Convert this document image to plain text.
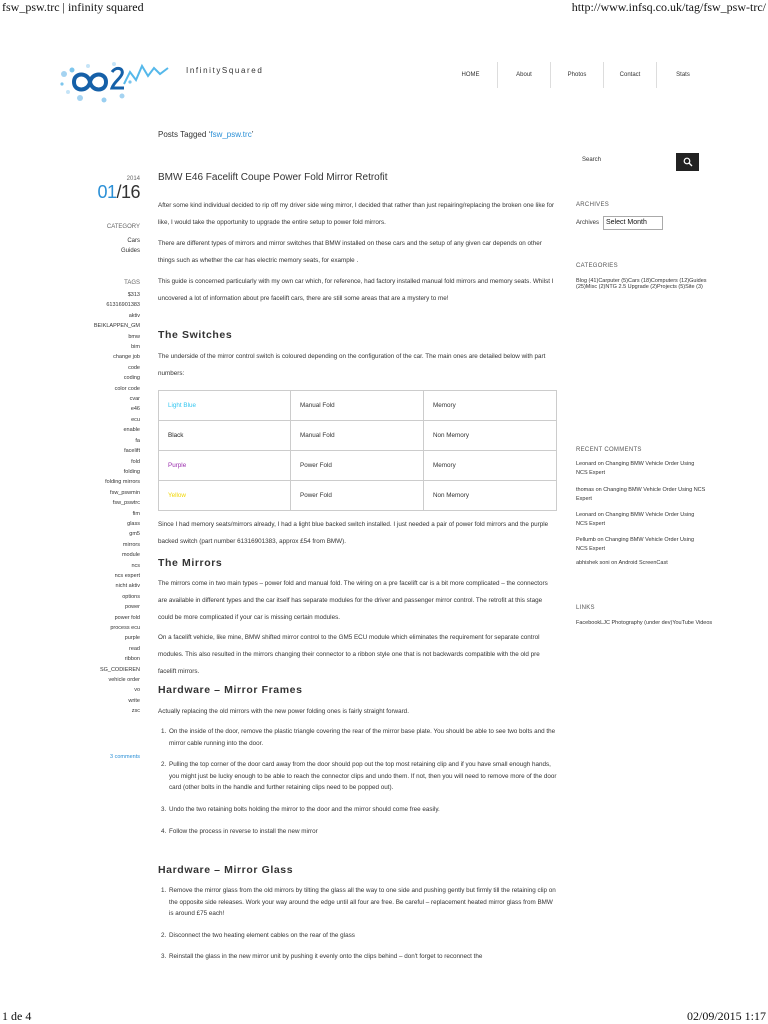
fsw_psw.trc | infinity squared	http://www.infsq.co.uk/tag/fsw_psw-trc/
InfinitySquared	HOME	About	Photos	Contact	Stats
Posts Tagged ‘fsw_psw.trc’
Search
2014
01/16
CATEGORY
Cars
Guides
TAGS
$313
61316901383
aktiv
BEIKLAPPEN_GM
bmw
bim
change job
code
coding
color code
cvar
e46
ecu
enable
fa
facelift
fold
folding
folding mirrors
fsw_pswmin
fsw_pswtrc
fim
glass
gm5
mirrors
module
ncs
ncs expert
nicht aktiv
options
power
power fold
process ecu
purple
read
ribbon
SG_CODIEREN
vehicle order
vo
write
zsc
3 comments
BMW E46 Facelift Coupe Power Fold Mirror Retrofit

After some kind individual decided to rip off my driver side wing mirror, I decided that rather than just repairing/replacing the broken one like for like, I would take the opportunity to upgrade the entire setup to power fold mirrors.

There are different types of mirrors and mirror switches that BMW installed on these cars and the setup of any given car depends on other things such as whether the car has electric memory seats, for example .

This guide is concerned particularly with my own car which, for reference, had factory installed manual fold mirrors and memory seats. Whilst I uncovered a lot of information about pre facelift cars, there are still some areas that are a mystery to me!

The Switches

The underside of the mirror control switch is coloured depending on the configuration of the car. The main ones are detailed below with part numbers:

Light Blue	Manual Fold	Memory
Black	Manual Fold	Non Memory
Purple	Power Fold	Memory
Yellow	Power Fold	Non Memory

Since I had memory seats/mirrors already, I had a light blue backed switch installed. I just needed a pair of power fold mirrors and the purple backed switch (part number 61316901383, approx £54 from BMW).

The Mirrors

The mirrors come in two main types – power fold and manual fold. The wiring on a pre facelift car is a bit more complicated – the connectors are available in different types and the car itself has separate modules for the driver and passenger mirror control. The retrofit at this stage could be more complicated if your car is missing certain modules.

On a facelift vehicle, like mine, BMW shifted mirror control to the GM5 ECU module which eliminates the requirement for separate control modules. This also resulted in the mirrors changing their connector to a ribbon style one that is not backwards compatible with the old pre facelift mirrors.

Hardware – Mirror Frames

Actually replacing the old mirrors with the new power folding ones is fairly straight forward.

1. On the inside of the door, remove the plastic triangle covering the rear of the mirror base plate. You should be able to see two bolts and the mirror cable running into the door.
2. Pulling the top corner of the door card away from the door should pop out the top most retaining clip and if you have small enough hands, you might just be lucky enough to be able to reach the connector clips and undo them. If not, then you will need to remove more of the door card (other bolts in the handle and further retaining clips need to be popped out).
3. Undo the two retaining bolts holding the mirror to the door and the mirror should come free easily.
4. Follow the process in reverse to install the new mirror
Hardware – Mirror Glass
1. Remove the mirror glass from the old mirrors by tilting the glass all the way to one side and pushing gently but firmly till the retaining clip on the opposite side releases. Work your way around the edge until all four are free. Be careful – replacement heated mirror glass from BMW is around £75 each!
2. Disconnect the two heating element cables on the rear of the glass
3. Reinstall the glass in the new mirror unit by pushing it evenly onto the clips behind – don't forget to reconnect the
ARCHIVES
Archives Select Month
CATEGORIES
Blog (41)Carputer (5)Cars (18)Computers (12)Guides (25)Misc (2)NTG 2.5 Upgrade (2)Projects (5)Site (3)
RECENT COMMENTS
Leonard on Changing BMW Vehicle Order Using NCS Expert
thomas on Changing BMW Vehicle Order Using NCS Expert
Leonard on Changing BMW Vehicle Order Using NCS Expert
Pellumb on Changing BMW Vehicle Order Using NCS Expert
abhishek soni on Android ScreenCast
LINKS
FacebookLJC Photography (under dev)YouTube Videos
1 de 4	02/09/2015 1:17
